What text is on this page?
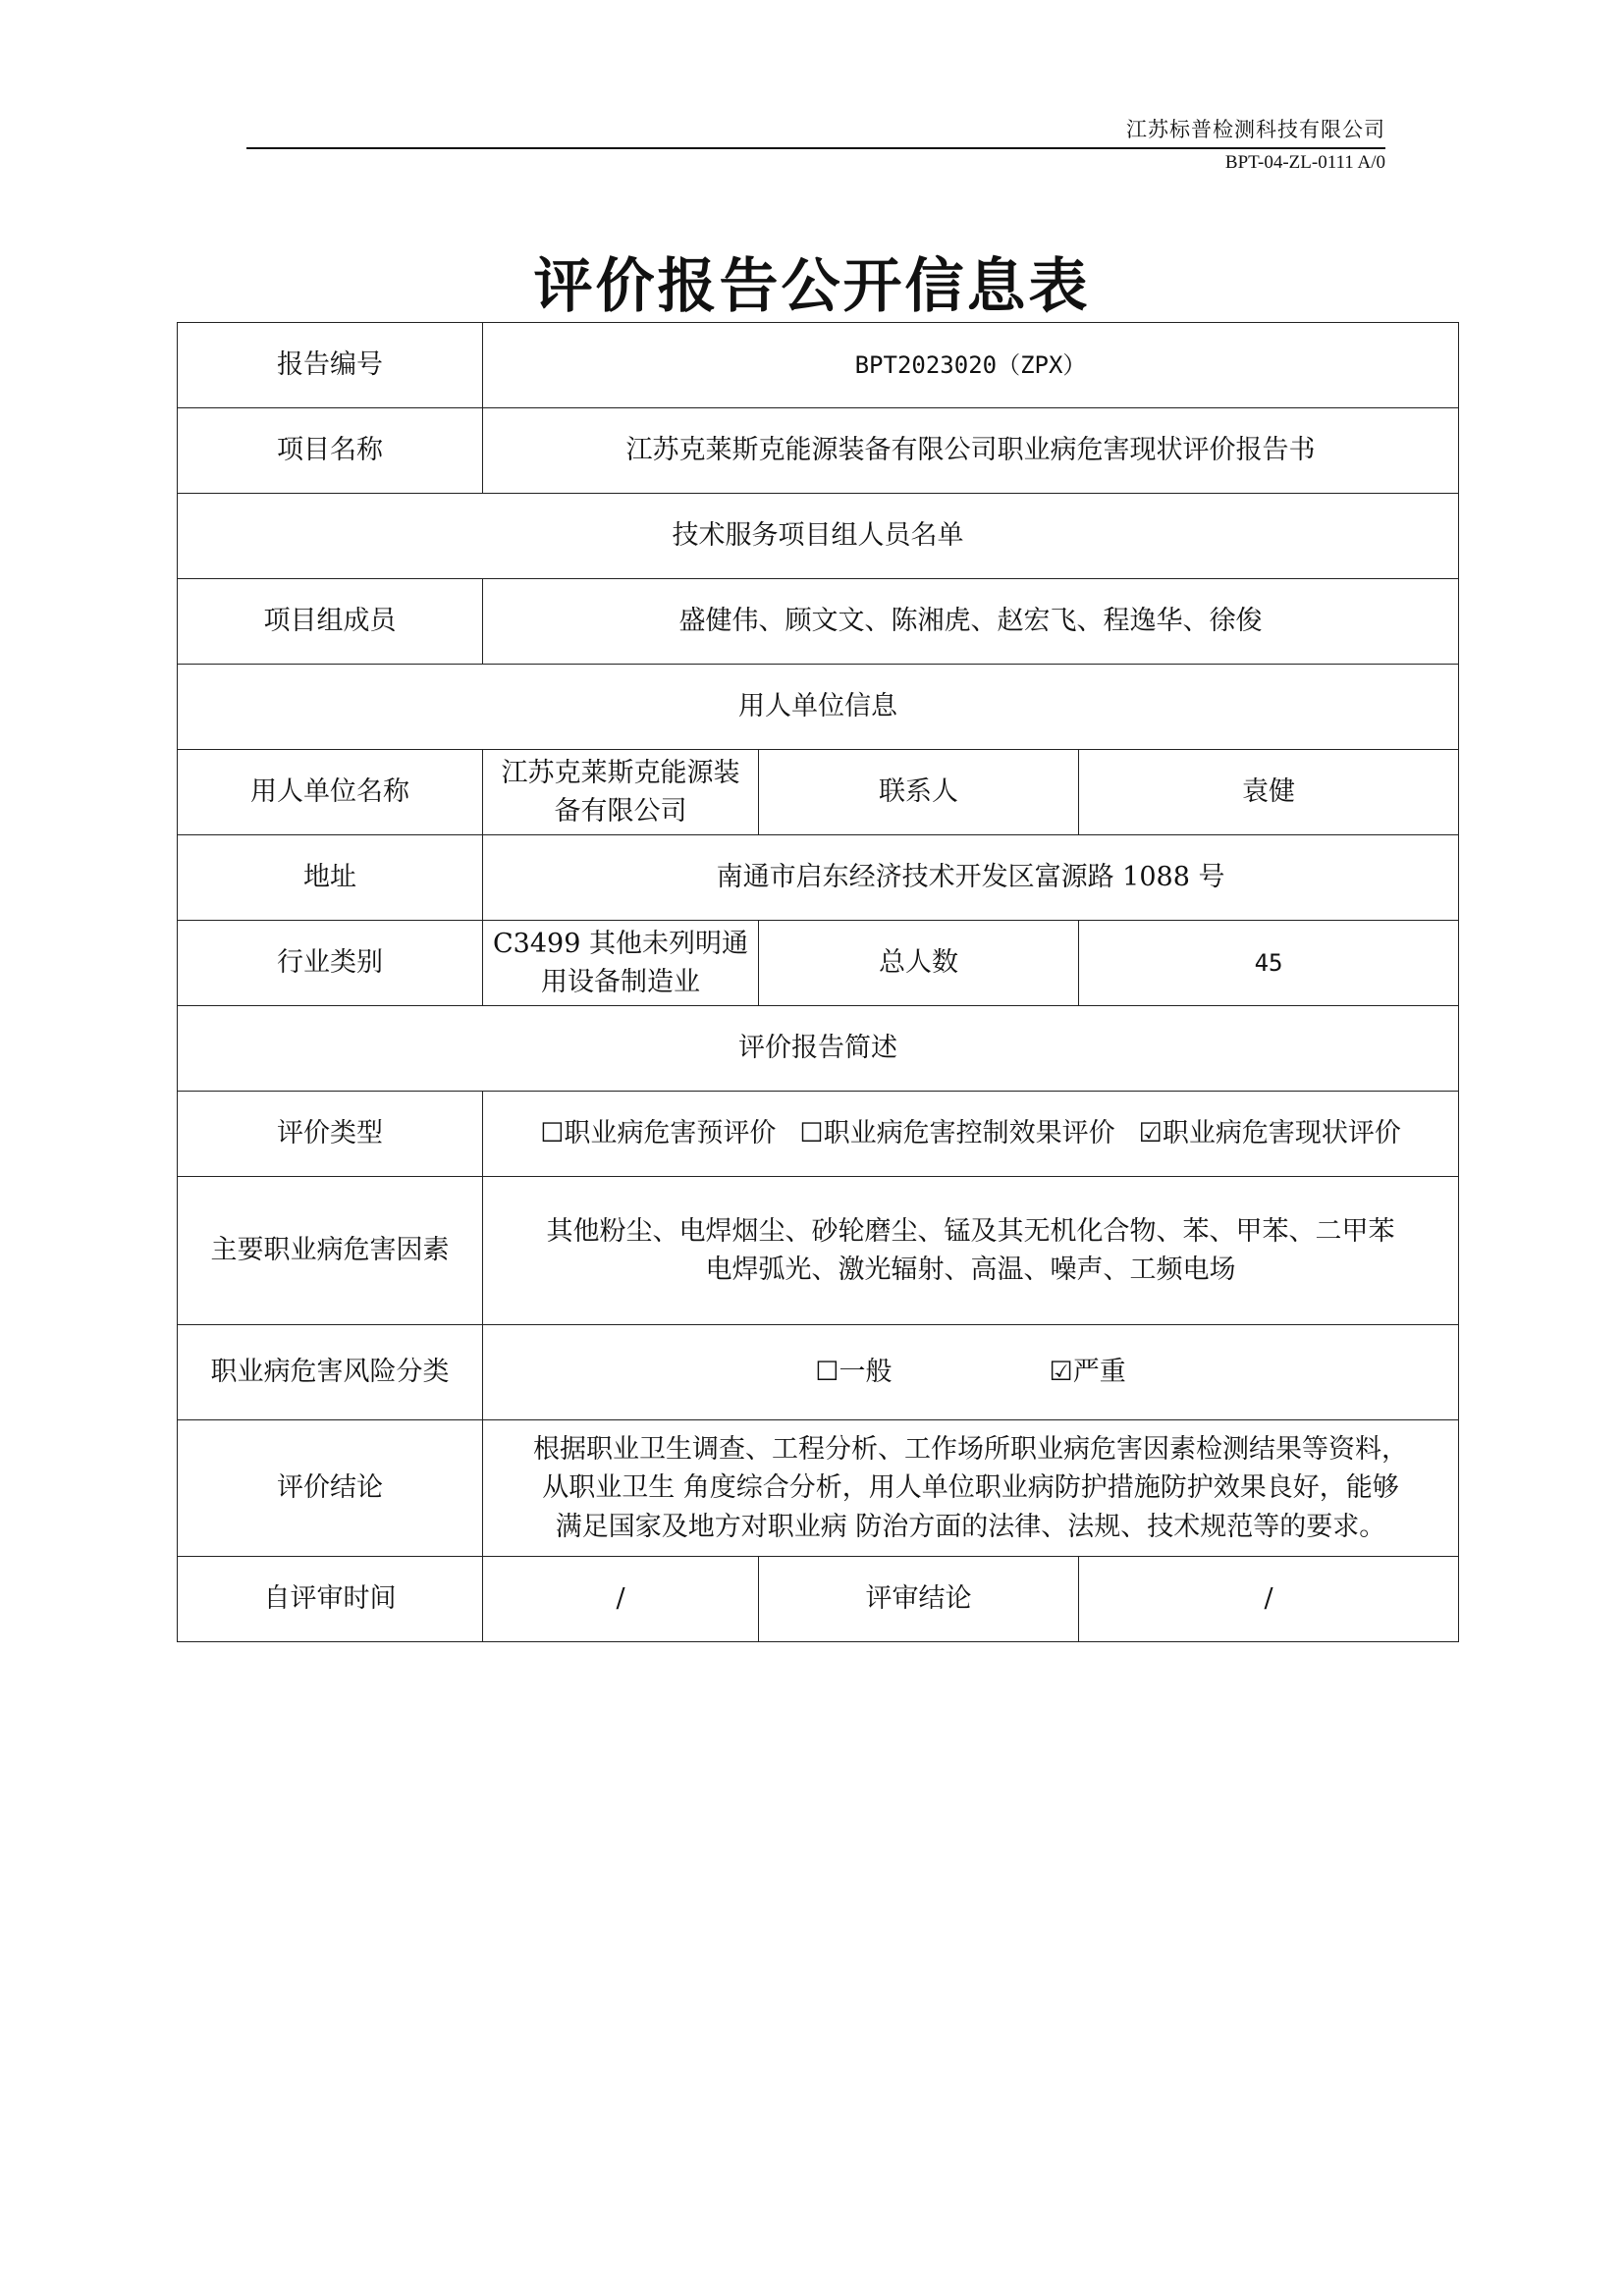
江苏标普检测科技有限公司
BPT-04-ZL-0111 A/0
评价报告公开信息表
报告编号	BPT2023020（ZPX）		
项目名称	江苏克莱斯克能源装备有限公司职业病危害现状评价报告书		
技术服务项目组人员名单			
项目组成员	盛健伟、顾文文、陈湘虎、赵宏飞、程逸华、徐俊		
用人单位信息			
用人单位名称	江苏克莱斯克能源装备有限公司	联系人	袁健
地址	南通市启东经济技术开发区富源路 1088 号		
行业类别	C3499 其他未列明通用设备制造业	总人数	45
评价报告简述			
评价类型	☐职业病危害预评价 ☐职业病危害控制效果评价 ☑职业病危害现状评价		
主要职业病危害因素	其他粉尘、电焊烟尘、砂轮磨尘、锰及其无机化合物、苯、甲苯、二甲苯
电焊弧光、激光辐射、高温、噪声、工频电场		

职业病危害风险分类	☐一般 ☑严重		
评价结论	根据职业卫生调查、工程分析、工作场所职业病危害因素检测结果等资料，
从职业卫生 角度综合分析，用人单位职业病防护措施防护效果良好，能够
满足国家及地方对职业病 防治方面的法律、法规、技术规范等的要求。		

自评审时间	/	评审结论	/
